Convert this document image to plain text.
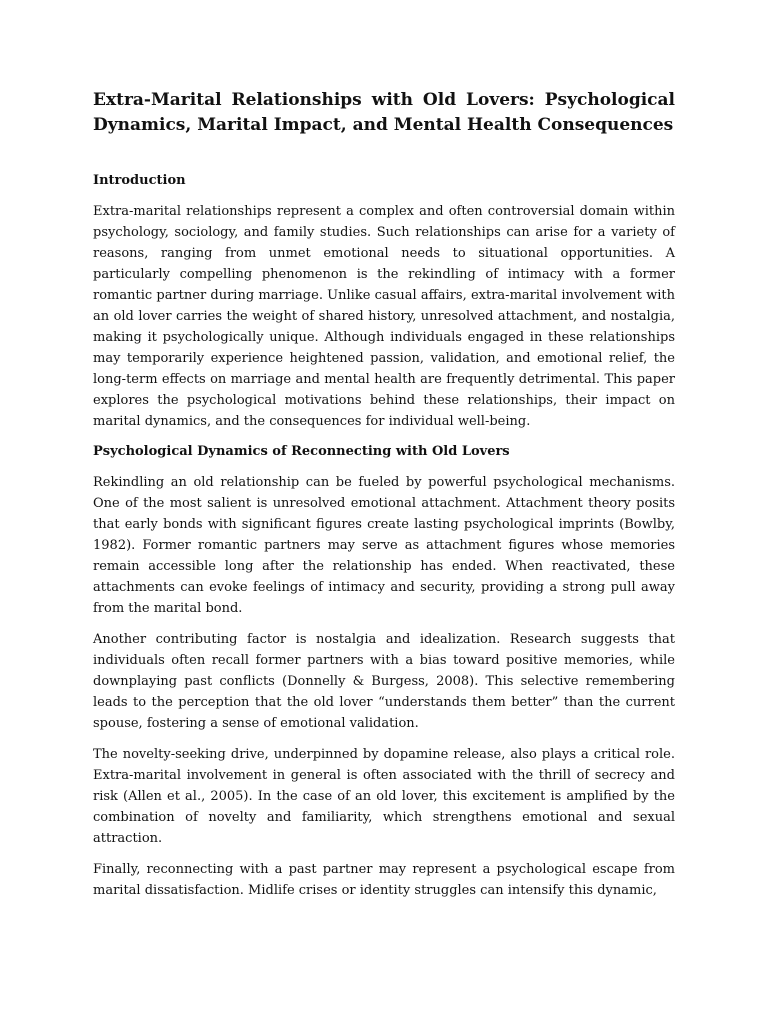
Extra-Marital Relationships with Old Lovers: Psychological Dynamics, Marital Impact, and Mental Health Consequences
Introduction

Extra-marital relationships represent a complex and often controversial domain within psychology, sociology, and family studies. Such relationships can arise for a variety of reasons, ranging from unmet emotional needs to situational opportunities. A particularly compelling phenomenon is the rekindling of intimacy with a former romantic partner during marriage. Unlike casual affairs, extra-marital involvement with an old lover carries the weight of shared history, unresolved attachment, and nostalgia, making it psychologically unique. Although individuals engaged in these relationships may temporarily experience heightened passion, validation, and emotional relief, the long-term effects on marriage and mental health are frequently detrimental. This paper explores the psychological motivations behind these relationships, their impact on marital dynamics, and the consequences for individual well-being.

Psychological Dynamics of Reconnecting with Old Lovers

Rekindling an old relationship can be fueled by powerful psychological mechanisms. One of the most salient is unresolved emotional attachment. Attachment theory posits that early bonds with significant figures create lasting psychological imprints (Bowlby, 1982). Former romantic partners may serve as attachment figures whose memories remain accessible long after the relationship has ended. When reactivated, these attachments can evoke feelings of intimacy and security, providing a strong pull away from the marital bond.

Another contributing factor is nostalgia and idealization. Research suggests that individuals often recall former partners with a bias toward positive memories, while downplaying past conflicts (Donnelly & Burgess, 2008). This selective remembering leads to the perception that the old lover “understands them better” than the current spouse, fostering a sense of emotional validation.

The novelty-seeking drive, underpinned by dopamine release, also plays a critical role. Extra-marital involvement in general is often associated with the thrill of secrecy and risk (Allen et al., 2005). In the case of an old lover, this excitement is amplified by the combination of novelty and familiarity, which strengthens emotional and sexual attraction.

Finally, reconnecting with a past partner may represent a psychological escape from marital dissatisfaction. Midlife crises or identity struggles can intensify this dynamic,
